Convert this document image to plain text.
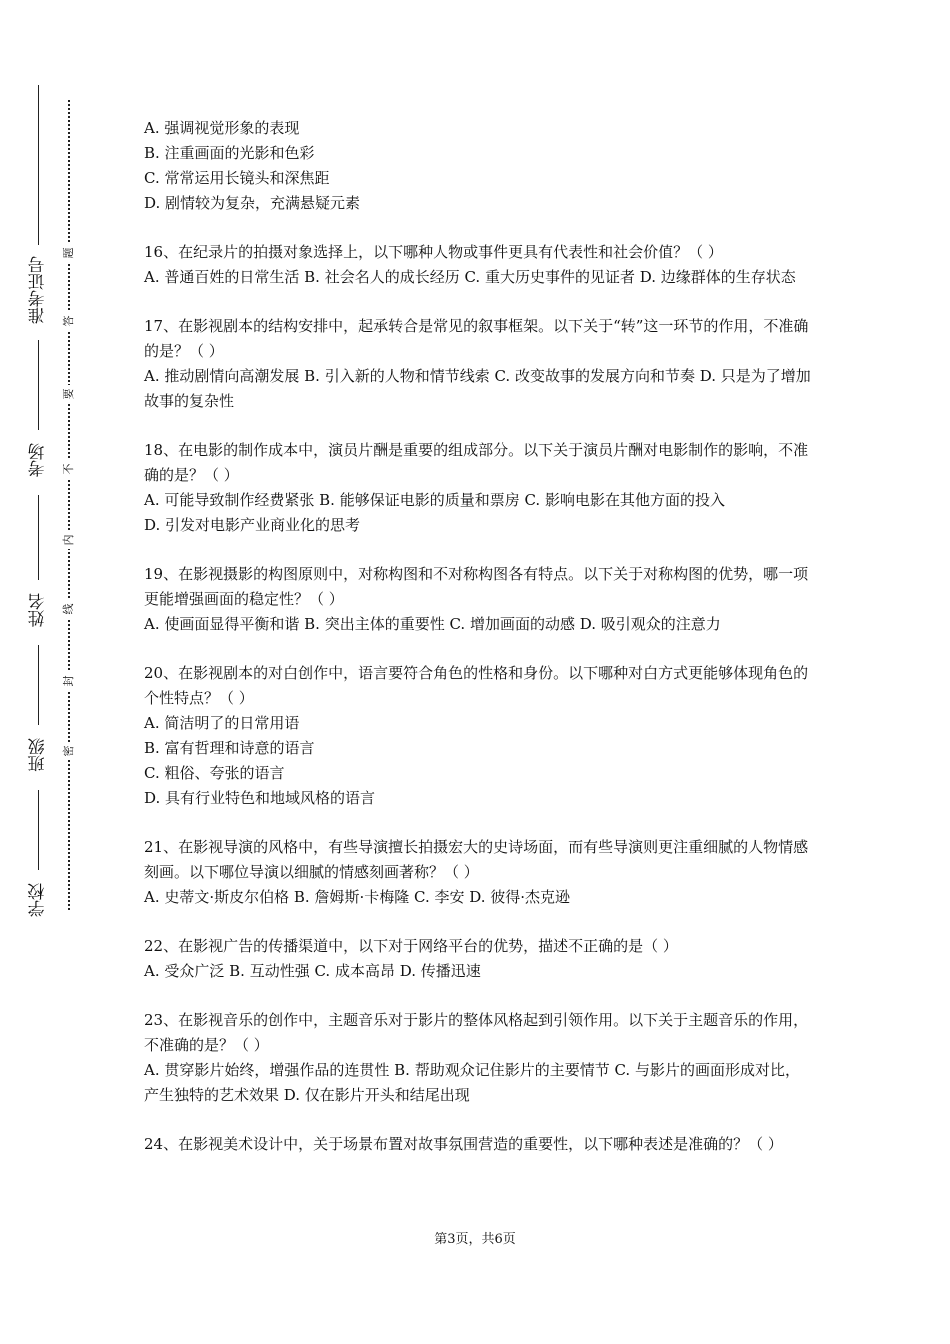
准考证号
考场
姓名
班级
学校
题
答
要
不
内
线
封
密

A. 强调视觉形象的表现

B. 注重画面的光影和色彩

C. 常常运用长镜头和深焦距

D. 剧情较为复杂，充满悬疑元素

16、在纪录片的拍摄对象选择上，以下哪种人物或事件更具有代表性和社会价值？（ ）

A. 普通百姓的日常生活 B. 社会名人的成长经历 C. 重大历史事件的见证者 D. 边缘群体的生存状态

17、在影视剧本的结构安排中，起承转合是常见的叙事框架。以下关于“转”这一环节的作用，不准确的是？（ ）

A. 推动剧情向高潮发展 B. 引入新的人物和情节线索 C. 改变故事的发展方向和节奏 D. 只是为了增加故事的复杂性

18、在电影的制作成本中，演员片酬是重要的组成部分。以下关于演员片酬对电影制作的影响，不准确的是？（ ）

A. 可能导致制作经费紧张 B. 能够保证电影的质量和票房 C. 影响电影在其他方面的投入

D. 引发对电影产业商业化的思考

19、在影视摄影的构图原则中，对称构图和不对称构图各有特点。以下关于对称构图的优势，哪一项更能增强画面的稳定性？（ ）

A. 使画面显得平衡和谐 B. 突出主体的重要性 C. 增加画面的动感 D. 吸引观众的注意力

20、在影视剧本的对白创作中，语言要符合角色的性格和身份。以下哪种对白方式更能够体现角色的个性特点？（ ）

A. 简洁明了的日常用语

B. 富有哲理和诗意的语言

C. 粗俗、夸张的语言

D. 具有行业特色和地域风格的语言

21、在影视导演的风格中，有些导演擅长拍摄宏大的史诗场面，而有些导演则更注重细腻的人物情感刻画。以下哪位导演以细腻的情感刻画著称？（ ）

A. 史蒂文·斯皮尔伯格 B. 詹姆斯·卡梅隆 C. 李安 D. 彼得·杰克逊

22、在影视广告的传播渠道中，以下对于网络平台的优势，描述不正确的是（ ）

A. 受众广泛 B. 互动性强 C. 成本高昂 D. 传播迅速

23、在影视音乐的创作中，主题音乐对于影片的整体风格起到引领作用。以下关于主题音乐的作用，不准确的是？（ ）

A. 贯穿影片始终，增强作品的连贯性 B. 帮助观众记住影片的主要情节 C. 与影片的画面形成对比，产生独特的艺术效果 D. 仅在影片开头和结尾出现

24、在影视美术设计中，关于场景布置对故事氛围营造的重要性，以下哪种表述是准确的？（ ）

第3页，共6页
